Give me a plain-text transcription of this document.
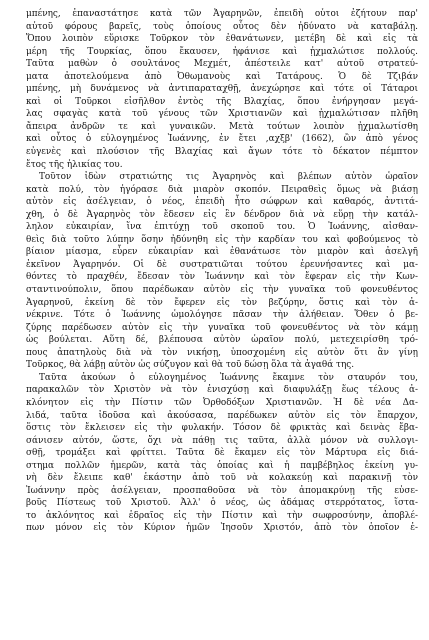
μπένης, ἐπαναστάτησε κατὰ τῶν Ἀγαρηνῶν, ἐπειδὴ οὗτοι ἐζήτουν παρ'
αὐτοῦ φόρους βαρεῖς, τοὺς ὁποίους οὗτος δὲν ἠδύνατο νὰ καταβάλῃ.
Ὅπου λοιπὸν εὕρισκε Τοῦρκον τὸν ἐθανάτωνεν, μετέβη δὲ καὶ εἰς τὰ
μέρη τῆς Τουρκίας, ὅπου ἔκαυσεν, ἠφάνισε καὶ ᾐχμαλώτισε πολλούς.
Ταῦτα μαθὼν ὁ σουλτάνος Μεχμέτ, ἀπέστειλε κατ' αὐτοῦ στρατεύ-
ματα ἀποτελούμενα ἀπὸ Ὀθωμανοὺς καὶ Τατάρους. Ὁ δὲ Τζιβάν
μπένης, μὴ δυνάμενος νὰ ἀντιπαραταχθῇ, ἀνεχώρησε καὶ τότε οἱ Τάταροι
καὶ οἱ Τοῦρκοι εἰσῆλθον ἐντὸς τῆς Βλαχίας, ὅπου ἐνήργησαν μεγά-
λας σφαγὰς κατὰ τοῦ γένους τῶν Χριστιανῶν καὶ ᾐχμαλώτισαν πλῆθη
ἄπειρα ἀνδρῶν τε καὶ γυναικῶν. Μετὰ τούτων λοιπὸν ᾐχμαλωτίσθη
καὶ οὗτος ὁ εὐλογημένος Ἰωάννης, ἐν ἔτει ,αχξβ' (1662), ὢν ἀπὸ γένος
εὐγενὲς καὶ πλούσιον τῆς Βλαχίας καὶ ἄγων τότε τὸ δέκατον πέμπτον
ἔτος τῆς ἡλικίας του.
Τοῦτον ἰδὼν στρατιώτης τις Ἀγαρηνὸς καὶ βλέπων αὐτὸν ὡραῖον
κατὰ πολύ, τὸν ἠγόρασε διὰ μιαρὸν σκοπόν. Πειραθεὶς ὅμως νὰ βιάσῃ
αὐτὸν εἰς ἀσέλγειαν, ὁ νέος, ἐπειδὴ ἦτο σώφρων καὶ καθαρός, ἀντιτά-
χθη, ὁ δὲ Ἀγαρηνὸς τὸν ἔδεσεν εἰς ἓν δένδρον διὰ νὰ εὕρῃ τὴν κατάλ-
ληλον εὐκαιρίαν, ἵνα ἐπιτύχῃ τοῦ σκοποῦ του. Ὁ Ἰωάννης, αἰσθαν-
θεὶς διὰ τοῦτο λύπην ὅσην ἠδύνηθη εἰς τὴν καρδίαν του καὶ φοβούμενος τὸ
βίαιον μίασμα, εὗρεν εὐκαιρίαν καὶ ἐθανάτωσε τὸν μιαρὸν καὶ ἀσελγῆ
ἐκεῖνον Ἀγαρηνόν. Οἱ δὲ συστρατιῶται τούτου ἐρευνήσαντες καὶ μα-
θόντες τὸ πραχθέν, ἔδεσαν τὸν Ἰωάννην καὶ τὸν ἔφεραν εἰς τὴν Κων-
σταντινούπολιν, ὅπου παρέδωκαν αὐτὸν εἰς τὴν γυναῖκα τοῦ φονευθέντος
Ἀγαρηνοῦ, ἐκείνη δὲ τὸν ἔφερεν εἰς τὸν βεζύρην, ὅστις καὶ τὸν ἀ-
νέκρινε. Τότε ὁ Ἰωάννης ὡμολόγησε πᾶσαν τὴν ἀλήθειαν. Ὅθεν ὁ βε-
ζύρης παρέδωσεν αὐτὸν εἰς τὴν γυναῖκα τοῦ φονευθέντος νὰ τὸν κάμῃ
ὡς βούλεται. Αὕτη δέ, βλέπουσα αὐτὸν ὡραῖον πολύ, μετεχειρίσθη τρό-
πους ἀπατηλοὺς διὰ νὰ τὸν νικήσῃ, ὑποσχομένη εἰς αὐτὸν ὅτι ἂν γίνῃ
Τοῦρκος, θὰ λάβῃ αὐτὸν ὡς σύζυγον καὶ θὰ τοῦ δώσῃ ὅλα τὰ ἀγαθά της.
Ταῦτα ἀκούων ὁ εὐλογημένος Ἰωάννης ἔκαμνε τὸν σταυρόν του,
παρακαλῶν τὸν Χριστὸν νὰ τὸν ἐνισχύσῃ καὶ διαφυλάξῃ ἕως τέλους ἀ-
κλόνητον εἰς τὴν Πίστιν τῶν Ὀρθοδόξων Χριστιανῶν. Ἡ δὲ νέα Δα-
λιδά, ταῦτα ἰδοῦσα καὶ ἀκούσασα, παρέδωκεν αὐτὸν εἰς τὸν ἔπαρχον,
ὅστις τὸν ἔκλεισεν εἰς τὴν φυλακήν. Τόσον δὲ φρικτὰς καὶ δεινὰς ἔβα-
σάνισεν αὐτόν, ὥστε, ὄχι νὰ πάθῃ τις ταῦτα, ἀλλὰ μόνον νὰ συλλογι-
σθῇ, τρομάξει καὶ φρίττει. Ταῦτα δὲ ἔκαμεν εἰς τὸν Μάρτυρα εἰς διά-
στημα πολλῶν ἡμερῶν, κατὰ τὰς ὁποίας καὶ ἡ παμβέβηλος ἐκείνη γυ-
νὴ δὲν ἔλειπε καθ' ἑκάστην ἀπὸ τοῦ νὰ κολακεύῃ καὶ παρακινῇ τὸν
Ἰωάννην πρὸς ἀσέλγειαν, προσπαθοῦσα νὰ τὸν ἀπομακρύνῃ τῆς εὐσε-
βοῦς Πίστεως τοῦ Χριστοῦ. Ἀλλ' ὁ νέος, ὡς ἀδάμας στερρότατος, ἵστα-
το ἀκλόνητος καὶ ἑδραῖος εἰς τὴν Πίστιν καὶ τὴν σωφροσύνην, ἀποβλέ-
πων μόνον εἰς τὸν Κύριον ἡμῶν Ἰησοῦν Χριστόν, ἀπὸ τὸν ὁποῖον ἐ-
